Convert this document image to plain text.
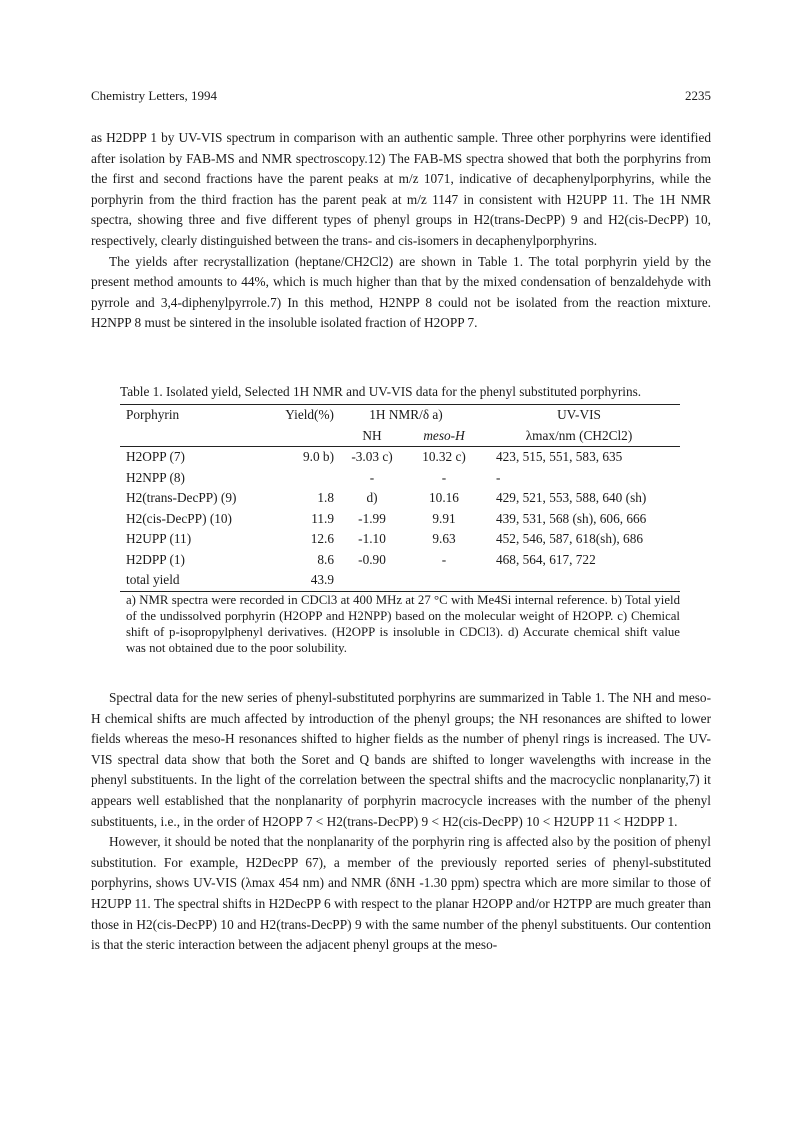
Chemistry Letters, 1994	2235

as H2DPP 1 by UV-VIS spectrum in comparison with an authentic sample. Three other porphyrins were identified after isolation by FAB-MS and NMR spectroscopy.12) The FAB-MS spectra showed that both the porphyrins from the first and second fractions have the parent peaks at m/z 1071, indicative of decaphenylporphyrins, while the porphyrin from the third fraction has the parent peak at m/z 1147 in consistent with H2UPP 11. The 1H NMR spectra, showing three and five different types of phenyl groups in H2(trans-DecPP) 9 and H2(cis-DecPP) 10, respectively, clearly distinguished between the trans- and cis-isomers in decaphenylporphyrins.

The yields after recrystallization (heptane/CH2Cl2) are shown in Table 1. The total porphyrin yield by the present method amounts to 44%, which is much higher than that by the mixed condensation of benzaldehyde with pyrrole and 3,4-diphenylpyrrole.7) In this method, H2NPP 8 could not be isolated from the reaction mixture. H2NPP 8 must be sintered in the insoluble isolated fraction of H2OPP 7.

Table 1. Isolated yield, Selected 1H NMR and UV-VIS data for the phenyl substituted porphyrins.
Porphyrin	Yield(%)	1H NMR/δ a)		UV-VIS
		NH	meso-H	λmax/nm (CH2Cl2)
H2OPP (7)	9.0 b)	-3.03 c)	10.32 c)	423, 515, 551, 583, 635
H2NPP (8)		-	-	-
H2(trans-DecPP) (9)	1.8	d)	10.16	429, 521, 553, 588, 640 (sh)
H2(cis-DecPP) (10)	11.9	-1.99	9.91	439, 531, 568 (sh), 606, 666
H2UPP (11)	12.6	-1.10	9.63	452, 546, 587, 618(sh), 686
H2DPP (1)	8.6	-0.90	-	468, 564, 617, 722
total yield	43.9			
a) NMR spectra were recorded in CDCl3 at 400 MHz at 27 °C with Me4Si internal reference. b) Total yield of the undissolved porphyrin (H2OPP and H2NPP) based on the molecular weight of H2OPP. c) Chemical shift of p-isopropylphenyl derivatives. (H2OPP is insoluble in CDCl3). d) Accurate chemical shift value was not obtained due to the poor solubility.

Spectral data for the new series of phenyl-substituted porphyrins are summarized in Table 1. The NH and meso-H chemical shifts are much affected by introduction of the phenyl groups; the NH resonances are shifted to lower fields whereas the meso-H resonances shifted to higher fields as the number of phenyl rings is increased. The UV-VIS spectral data show that both the Soret and Q bands are shifted to longer wavelengths with increase in the phenyl substituents. In the light of the correlation between the spectral shifts and the macrocyclic nonplanarity,7) it appears well established that the nonplanarity of porphyrin macrocycle increases with the number of the phenyl substituents, i.e., in the order of H2OPP 7 < H2(trans-DecPP) 9 < H2(cis-DecPP) 10 < H2UPP 11 < H2DPP 1.

However, it should be noted that the nonplanarity of the porphyrin ring is affected also by the position of phenyl substitution. For example, H2DecPP 67), a member of the previously reported series of phenyl-substituted porphyrins, shows UV-VIS (λmax 454 nm) and NMR (δNH -1.30 ppm) spectra which are more similar to those of H2UPP 11. The spectral shifts in H2DecPP 6 with respect to the planar H2OPP and/or H2TPP are much greater than those in H2(cis-DecPP) 10 and H2(trans-DecPP) 9 with the same number of the phenyl substituents. Our contention is that the steric interaction between the adjacent phenyl groups at the meso-
